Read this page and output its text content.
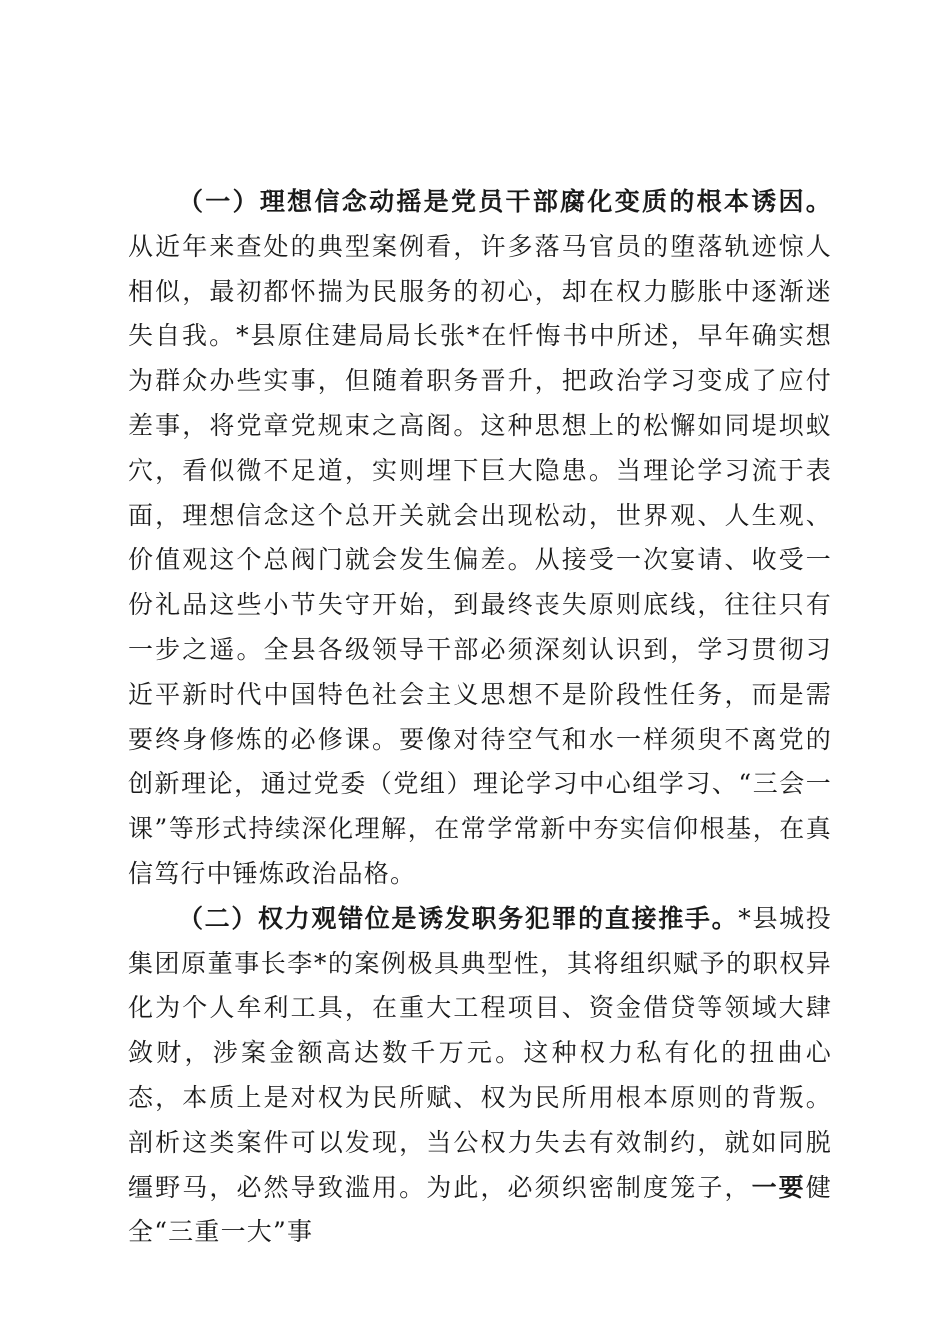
（一）理想信念动摇是党员干部腐化变质的根本诱因。从近年来查处的典型案例看，许多落马官员的堕落轨迹惊人相似，最初都怀揣为民服务的初心，却在权力膨胀中逐渐迷失自我。*县原住建局局长张*在忏悔书中所述，早年确实想为群众办些实事，但随着职务晋升，把政治学习变成了应付差事，将党章党规束之高阁。这种思想上的松懈如同堤坝蚁穴，看似微不足道，实则埋下巨大隐患。当理论学习流于表面，理想信念这个总开关就会出现松动，世界观、人生观、价值观这个总阀门就会发生偏差。从接受一次宴请、收受一份礼品这些小节失守开始，到最终丧失原则底线，往往只有一步之遥。全县各级领导干部必须深刻认识到，学习贯彻习近平新时代中国特色社会主义思想不是阶段性任务，而是需要终身修炼的必修课。要像对待空气和水一样须臾不离党的创新理论，通过党委（党组）理论学习中心组学习、“三会一课”等形式持续深化理解，在常学常新中夯实信仰根基，在真信笃行中锤炼政治品格。

（二）权力观错位是诱发职务犯罪的直接推手。*县城投集团原董事长李*的案例极具典型性，其将组织赋予的职权异化为个人牟利工具，在重大工程项目、资金借贷等领域大肆敛财，涉案金额高达数千万元。这种权力私有化的扭曲心态，本质上是对权为民所赋、权为民所用根本原则的背叛。剖析这类案件可以发现，当公权力失去有效制约，就如同脱缰野马，必然导致滥用。为此，必须织密制度笼子，一要健全“三重一大”事
